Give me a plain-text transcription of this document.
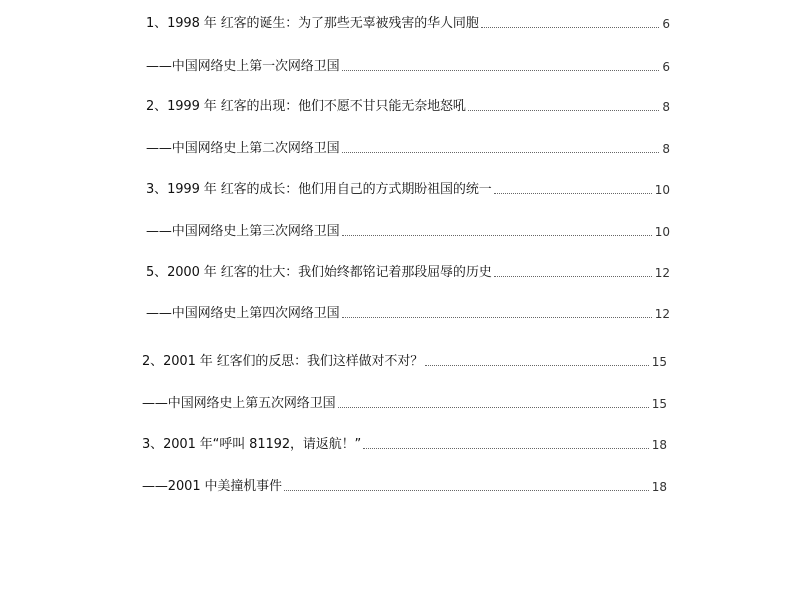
1、1998 年 红客的诞生：为了那些无辜被残害的华人同胞	6
——中国网络史上第一次网络卫国	6
2、1999 年 红客的出现：他们不愿不甘只能无奈地怒吼	8
——中国网络史上第二次网络卫国	8
3、1999 年 红客的成长：他们用自己的方式期盼祖国的统一	10
——中国网络史上第三次网络卫国	10
5、2000 年 红客的壮大：我们始终都铭记着那段屈辱的历史	12
——中国网络史上第四次网络卫国	12
2、2001 年 红客们的反思：我们这样做对不对？	15
——中国网络史上第五次网络卫国	15
3、2001 年“呼叫 81192，请返航！”	18
——2001 中美撞机事件	18
